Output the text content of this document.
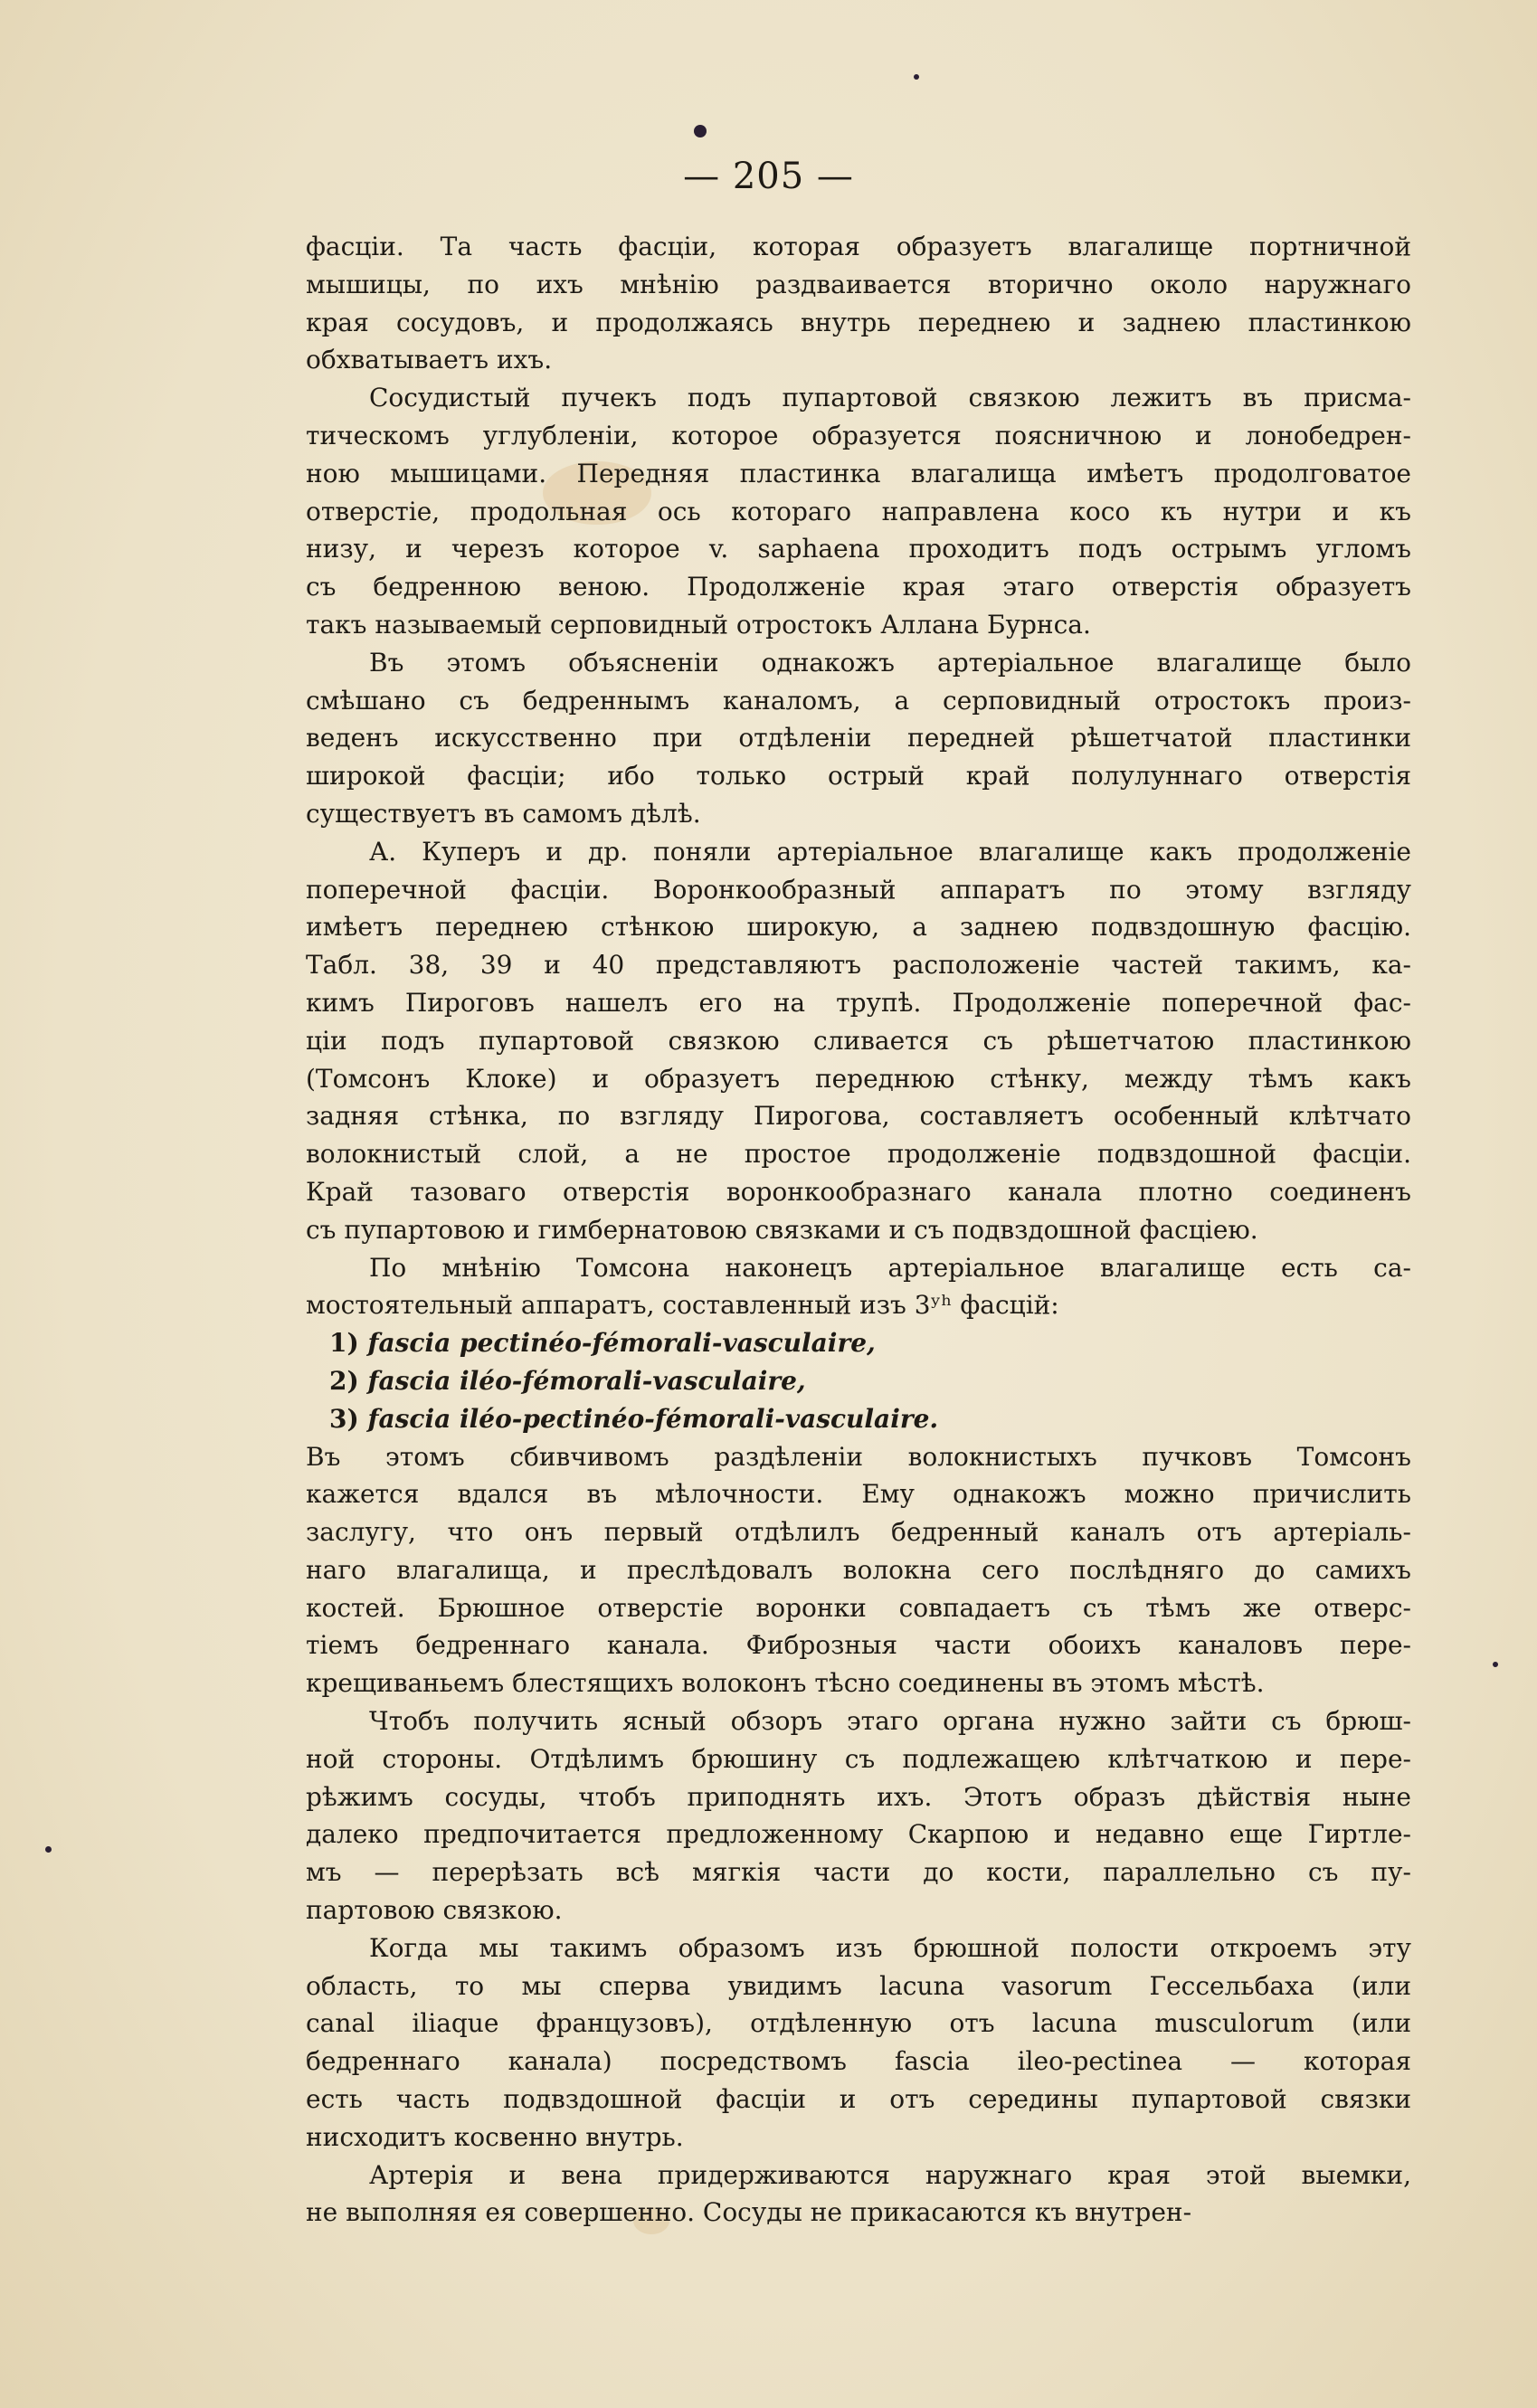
— 205 —
фасціи. Та часть фасціи, которая образуетъ влагалище портничной
мышицы, по ихъ мнѣнію раздваивается вторично около наружнаго
края сосудовъ, и продолжаясь внутрь переднею и заднею пластинкою
обхватываетъ ихъ.
Сосудистый пучекъ подъ пупартовой связкою лежитъ въ присма-
тическомъ углубленіи, которое образуется поясничною и лонобедрен-
ною мышицами. Передняя пластинка влагалища имѣетъ продолговатое
отверстіе, продольная ось котораго направлена косо къ нутри и къ
низу, и черезъ которое v. saphaena проходитъ подъ острымъ угломъ
съ бедренною веною. Продолженіе края этаго отверстія образуетъ
такъ называемый серповидный отростокъ Аллана Бурнса.
Въ этомъ объясненіи однакожъ артеріальное влагалище было
смѣшано съ бедреннымъ каналомъ, а серповидный отростокъ произ-
веденъ искусственно при отдѣленіи передней рѣшетчатой пластинки
широкой фасціи; ибо только острый край полулуннаго отверстія
существуетъ въ самомъ дѣлѣ.
А. Куперъ и др. поняли артеріальное влагалище какъ продолженіе
поперечной фасціи. Воронкообразный аппаратъ по этому взгляду
имѣетъ переднею стѣнкою широкую, а заднею подвздошную фасцію.
Табл. 38, 39 и 40 представляютъ расположеніе частей такимъ, ка-
кимъ Пироговъ нашелъ его на трупѣ. Продолженіе поперечной фас-
ціи подъ пупартовой связкою сливается съ рѣшетчатою пластинкою
(Томсонъ Клоке) и образуетъ переднюю стѣнку, между тѣмъ какъ
задняя стѣнка, по взгляду Пирогова, составляетъ особенный клѣтчато
волокнистый слой, а не простое продолженіе подвздошной фасціи.
Край тазоваго отверстія воронкообразнаго канала плотно соединенъ
съ пупартовою и гимбернатовою связками и съ подвздошной фасціею.
По мнѣнію Томсона наконецъ артеріальное влагалище есть са-
мостоятельный аппаратъ, составленный изъ 3ʸʰ фасцій:
1) fascia pectinéo-fémorali-vasculaire,
2) fascia iléo-fémorali-vasculaire,
3) fascia iléo-pectinéo-fémorali-vasculaire.
Въ этомъ сбивчивомъ раздѣленіи волокнистыхъ пучковъ Томсонъ
кажется вдался въ мѣлочности. Ему однакожъ можно причислить
заслугу, что онъ первый отдѣлилъ бедренный каналъ отъ артеріаль-
наго влагалища, и преслѣдовалъ волокна сего послѣдняго до самихъ
костей. Брюшное отверстіе воронки совпадаетъ съ тѣмъ же отверс-
тіемъ бедреннаго канала. Фиброзныя части обоихъ каналовъ пере-
крещиваньемъ блестящихъ волоконъ тѣсно соединены въ этомъ мѣстѣ.
Чтобъ получить ясный обзоръ этаго органа нужно зайти съ брюш-
ной стороны. Отдѣлимъ брюшину съ подлежащею клѣтчаткою и пере-
рѣжимъ сосуды, чтобъ приподнять ихъ. Этотъ образъ дѣйствія ныне
далеко предпочитается предложенному Скарпою и недавно еще Гиртле-
мъ — перерѣзать всѣ мягкія части до кости, параллельно съ пу-
партовою связкою.
Когда мы такимъ образомъ изъ брюшной полости откроемъ эту
область, то мы сперва увидимъ lacuna vasorum Гессельбаха (или
canal iliaque французовъ), отдѣленную отъ lacuna musculorum (или
бедреннаго канала) посредствомъ fascia ileo-pectinea — которая
есть часть подвздошной фасціи и отъ середины пупартовой связки
нисходитъ косвенно внутрь.
Артерія и вена придерживаются наружнаго края этой выемки,
не выполняя ея совершенно. Сосуды не прикасаются къ внутрен-
